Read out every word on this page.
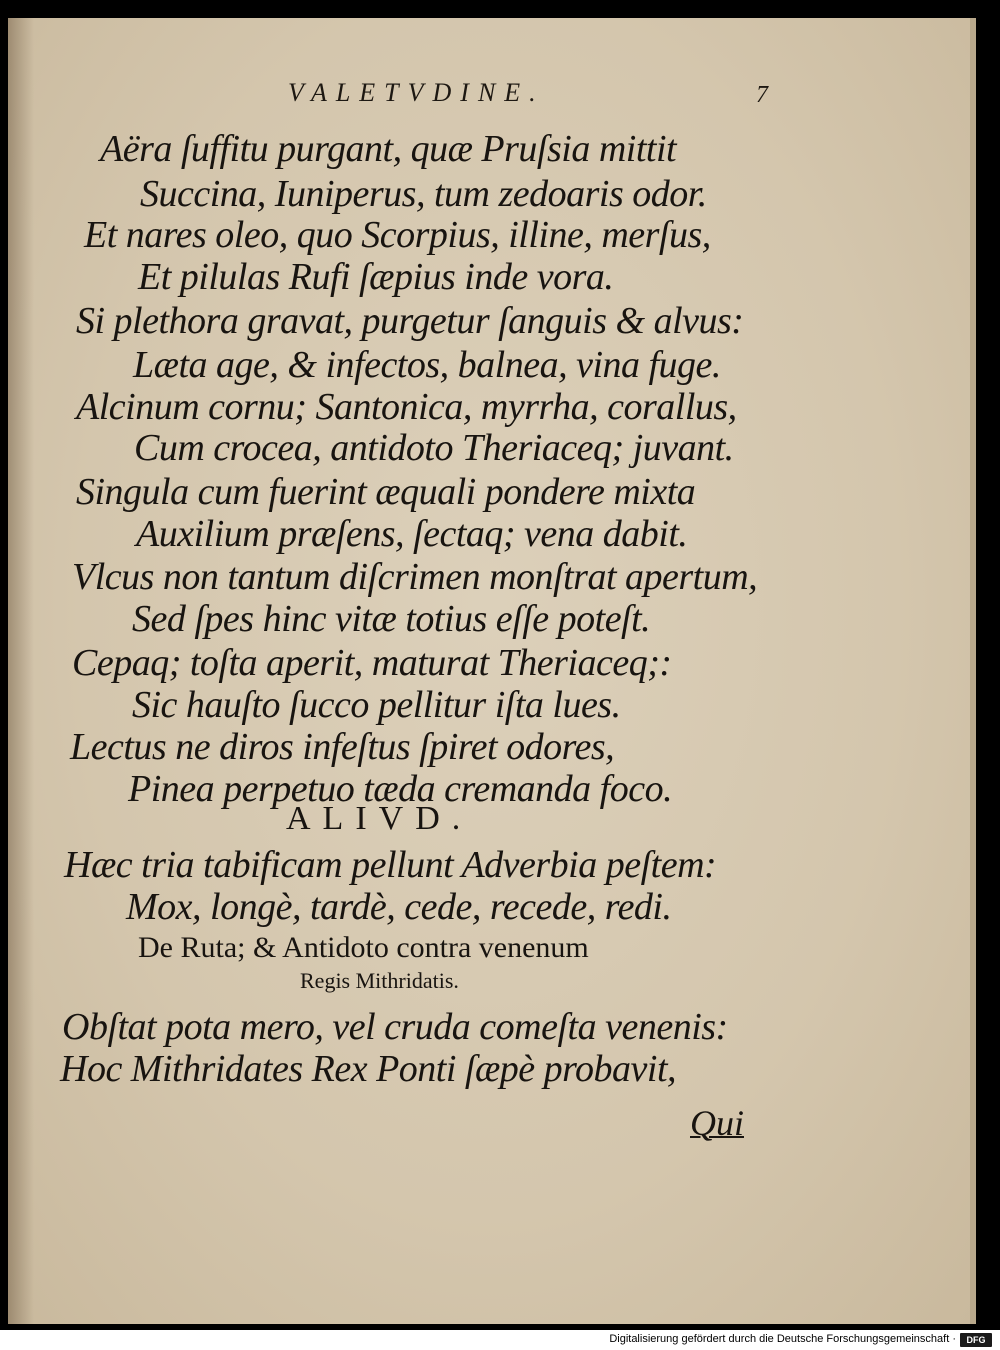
VALETVDINE.	7
Aëra ſuffitu purgant, quæ Pruſsia mittit
Succina, Iuniperus, tum zedoaris odor.
Et nares oleo, quo Scorpius, illine, merſus,
Et pilulas Rufi ſæpius inde vora.
Si plethora gravat, purgetur ſanguis & alvus:
Læta age, & infectos, balnea, vina fuge.
Alcinum cornu; Santonica, myrrha, corallus,
Cum crocea, antidoto Theriaceq; juvant.
Singula cum fuerint æquali pondere mixta
Auxilium præſens, ſectaq; vena dabit.
Vlcus non tantum diſcrimen monſtrat apertum,
Sed ſpes hinc vitæ totius eſſe poteſt.
Cepaq; toſta aperit, maturat Theriaceq;:
Sic hauſto ſucco pellitur iſta lues.
Lectus ne diros infeſtus ſpiret odores,
Pinea perpetuo tæda cremanda foco.
ALIVD.
Hæc tria tabificam pellunt Adverbia peſtem:
Mox, longè, tardè, cede, recede, redi.
De Ruta; & Antidoto contra venenum
Regis Mithridatis.
Obſtat pota mero, vel cruda comeſta venenis:
Hoc Mithridates Rex Ponti ſæpè probavit,
Qui
Digitalisierung gefördert durch die Deutsche Forschungsgemeinschaft ·	DFG
